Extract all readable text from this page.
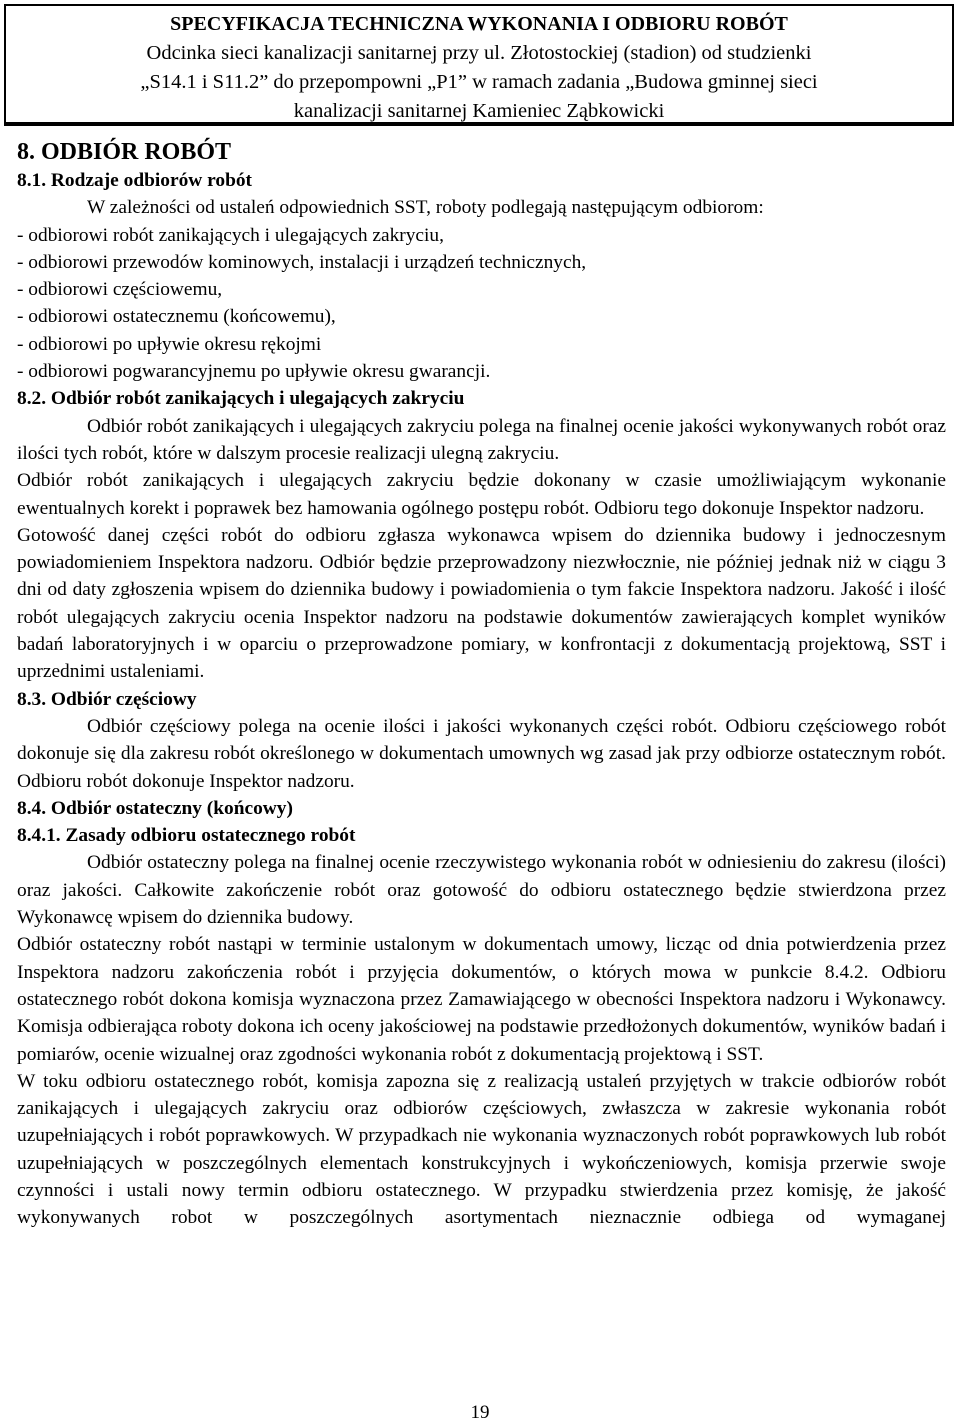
SPECYFIKACJA TECHNICZNA WYKONANIA I ODBIORU ROBÓT
Odcinka sieci kanalizacji sanitarnej przy ul. Złotostockiej (stadion) od studzienki
„S14.1 i S11.2” do przepompowni „P1” w ramach zadania „Budowa gminnej sieci
kanalizacji sanitarnej Kamieniec Ząbkowicki
8. ODBIÓR ROBÓT
8.1. Rodzaje odbiorów robót

W zależności od ustaleń odpowiednich SST, roboty podlegają następującym odbiorom:

- odbiorowi robót zanikających i ulegających zakryciu,
- odbiorowi przewodów kominowych, instalacji i urządzeń technicznych,
- odbiorowi częściowemu,
- odbiorowi ostatecznemu (końcowemu),
- odbiorowi po upływie okresu rękojmi
- odbiorowi pogwarancyjnemu po upływie okresu gwarancji.
8.2. Odbiór robót zanikających i ulegających zakryciu

Odbiór robót zanikających i ulegających zakryciu polega na finalnej ocenie jakości wykonywanych robót oraz ilości tych robót, które w dalszym procesie realizacji ulegną zakryciu.

Odbiór robót zanikających i ulegających zakryciu będzie dokonany w czasie umożliwiającym wykonanie ewentualnych korekt i poprawek bez hamowania ogólnego postępu robót. Odbioru tego dokonuje Inspektor nadzoru.

Gotowość danej części robót do odbioru zgłasza wykonawca wpisem do dziennika budowy i jednoczesnym powiadomieniem Inspektora nadzoru. Odbiór będzie przeprowadzony niezwłocznie, nie później jednak niż w ciągu 3 dni od daty zgłoszenia wpisem do dziennika budowy i powiadomienia o tym fakcie Inspektora nadzoru. Jakość i ilość robót ulegających zakryciu ocenia Inspektor nadzoru na podstawie dokumentów zawierających komplet wyników badań laboratoryjnych i w oparciu o przeprowadzone pomiary, w konfrontacji z dokumentacją projektową, SST i uprzednimi ustaleniami.

8.3. Odbiór częściowy

Odbiór częściowy polega na ocenie ilości i jakości wykonanych części robót. Odbioru częściowego robót dokonuje się dla zakresu robót określonego w dokumentach umownych wg zasad jak przy odbiorze ostatecznym robót. Odbioru robót dokonuje Inspektor nadzoru.

8.4. Odbiór ostateczny (końcowy)
8.4.1. Zasady odbioru ostatecznego robót

Odbiór ostateczny polega na finalnej ocenie rzeczywistego wykonania robót w odniesieniu do zakresu (ilości) oraz jakości. Całkowite zakończenie robót oraz gotowość do odbioru ostatecznego będzie stwierdzona przez Wykonawcę wpisem do dziennika budowy.

Odbiór ostateczny robót nastąpi w terminie ustalonym w dokumentach umowy, licząc od dnia potwierdzenia przez Inspektora nadzoru zakończenia robót i przyjęcia dokumentów, o których mowa w punkcie 8.4.2. Odbioru ostatecznego robót dokona komisja wyznaczona przez Zamawiającego w obecności Inspektora nadzoru i Wykonawcy. Komisja odbierająca roboty dokona ich oceny jakościowej na podstawie przedłożonych dokumentów, wyników badań i pomiarów, ocenie wizualnej oraz zgodności wykonania robót z dokumentacją projektową i SST.

W toku odbioru ostatecznego robót, komisja zapozna się z realizacją ustaleń przyjętych w trakcie odbiorów robót zanikających i ulegających zakryciu oraz odbiorów częściowych, zwłaszcza w zakresie wykonania robót uzupełniających i robót poprawkowych. W przypadkach nie wykonania wyznaczonych robót poprawkowych lub robót uzupełniających w poszczególnych elementach konstrukcyjnych i wykończeniowych, komisja przerwie swoje czynności i ustali nowy termin odbioru ostatecznego. W przypadku stwierdzenia przez komisję, że jakość wykonywanych robot w poszczególnych asortymentach nieznacznie odbiega od wymaganej

19
